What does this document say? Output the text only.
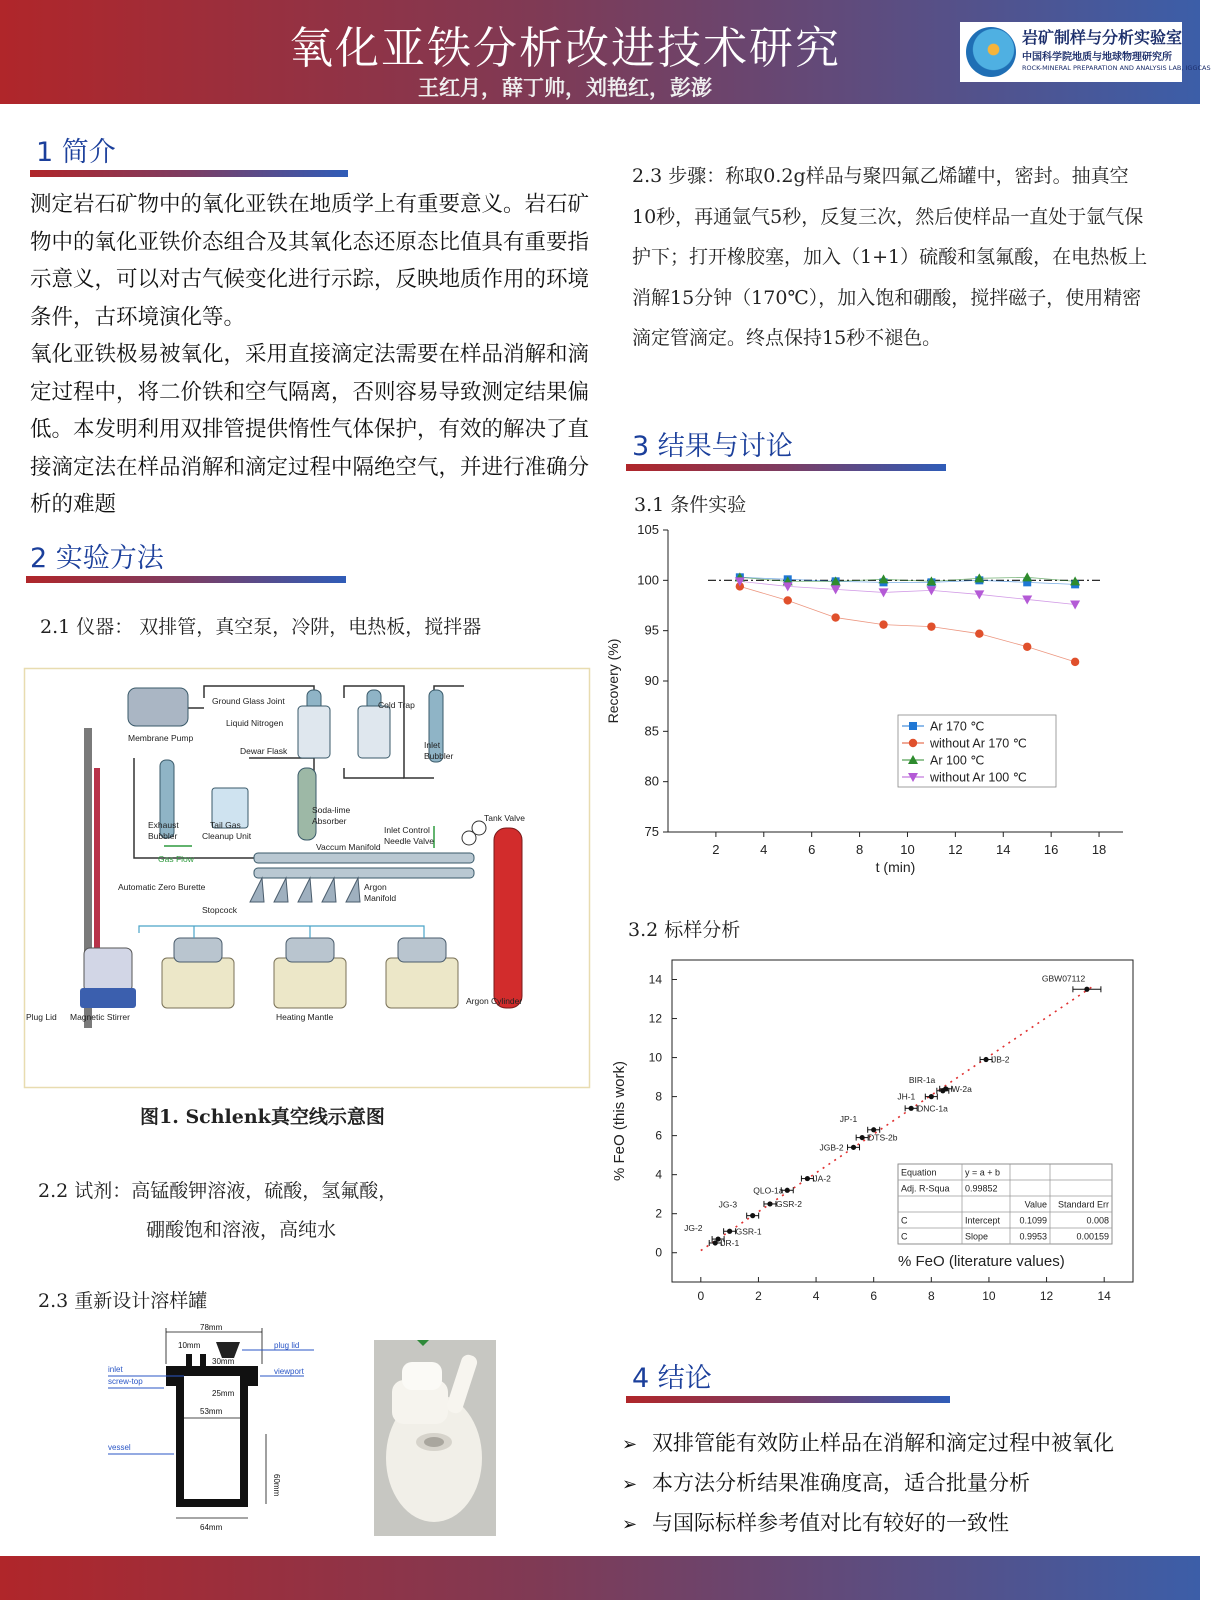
氧化亚铁分析改进技术研究
王红月，薛丁帅，刘艳红，彭澎
岩矿制样与分析实验室
中国科学院地质与地球物理研究所
ROCK-MINERAL PREPARATION AND ANALYSIS LAB, IGGCAS
1 简介
测定岩石矿物中的氧化亚铁在地质学上有重要意义。岩石矿物中的氧化亚铁价态组合及其氧化态还原态比值具有重要指示意义，可以对古气候变化进行示踪，反映地质作用的环境条件，古环境演化等。
氧化亚铁极易被氧化，采用直接滴定法需要在样品消解和滴定过程中，将二价铁和空气隔离，否则容易导致测定结果偏低。本发明利用双排管提供惰性气体保护，有效的解决了直接滴定法在样品消解和滴定过程中隔绝空气，并进行准确分析的难题
2 实验方法
2.1 仪器： 双排管，真空泵，冷阱，电热板，搅拌器
Ground Glass Joint
Liquid Nitrogen
Dewar Flask
Cold Trap
Inlet
Bubbler
Membrane Pump
Exhaust
Bubbler
Tail Gas
Cleanup Unit
Soda-lime
Absorber
Inlet Control
Needle Valve
Tank Valve
Vaccum Manifold
Gas Flow
Automatic Zero Burette	Argon
Manifold
Stopcock
Argon Cylinder
Plug Lid Magnetic Stirrer	Heating Mantle
图1. Schlenk真空线示意图
2.2 试剂：高锰酸钾溶液，硫酸，氢氟酸，
硼酸饱和溶液，高纯水
2.3 重新设计溶样罐
78mm
10mm
30mm
25mm
53mm
64mm
60mm
plug lid
inlet
screw-top
viewport
vessel
2.3 步骤：称取0.2g样品与聚四氟乙烯罐中，密封。抽真空10秒，再通氩气5秒，反复三次，然后使样品一直处于氩气保护下；打开橡胶塞，加入（1+1）硫酸和氢氟酸，在电热板上消解15分钟（170℃），加入饱和硼酸，搅拌磁子，使用精密滴定管滴定。终点保持15秒不褪色。
3 结果与讨论
3.1 条件实验
75
80
85
90
95
100
105
2	4	6	8	10	12	14	16	18
t (min)
Recovery (%)
Ar 170 ℃
without Ar 170 ℃
Ar 100 ℃
without Ar 100 ℃
3.2 标样分析
0
2
4
6
8
10
12
14
0	2	4	6	8	10	12	14
% FeO (this work)
JR-1
JG-2	GSR-1
JG-3	GSR-2
QLO-1a
JA-2
JGB-2
DTS-2b
JP-1
DNC-1a
JH-1
BIR-1a
W-2a
JB-2
GBW07112
Equation	y = a + b
Adj. R-Squa 0.99852
Value Standard Err
C	Intercept 0.1099	0.008
C	Slope	0.9953	0.00159
% FeO (literature values)
4 结论
➢ 双排管能有效防止样品在消解和滴定过程中被氧化
➢ 本方法分析结果准确度高，适合批量分析
➢ 与国际标样参考值对比有较好的一致性
